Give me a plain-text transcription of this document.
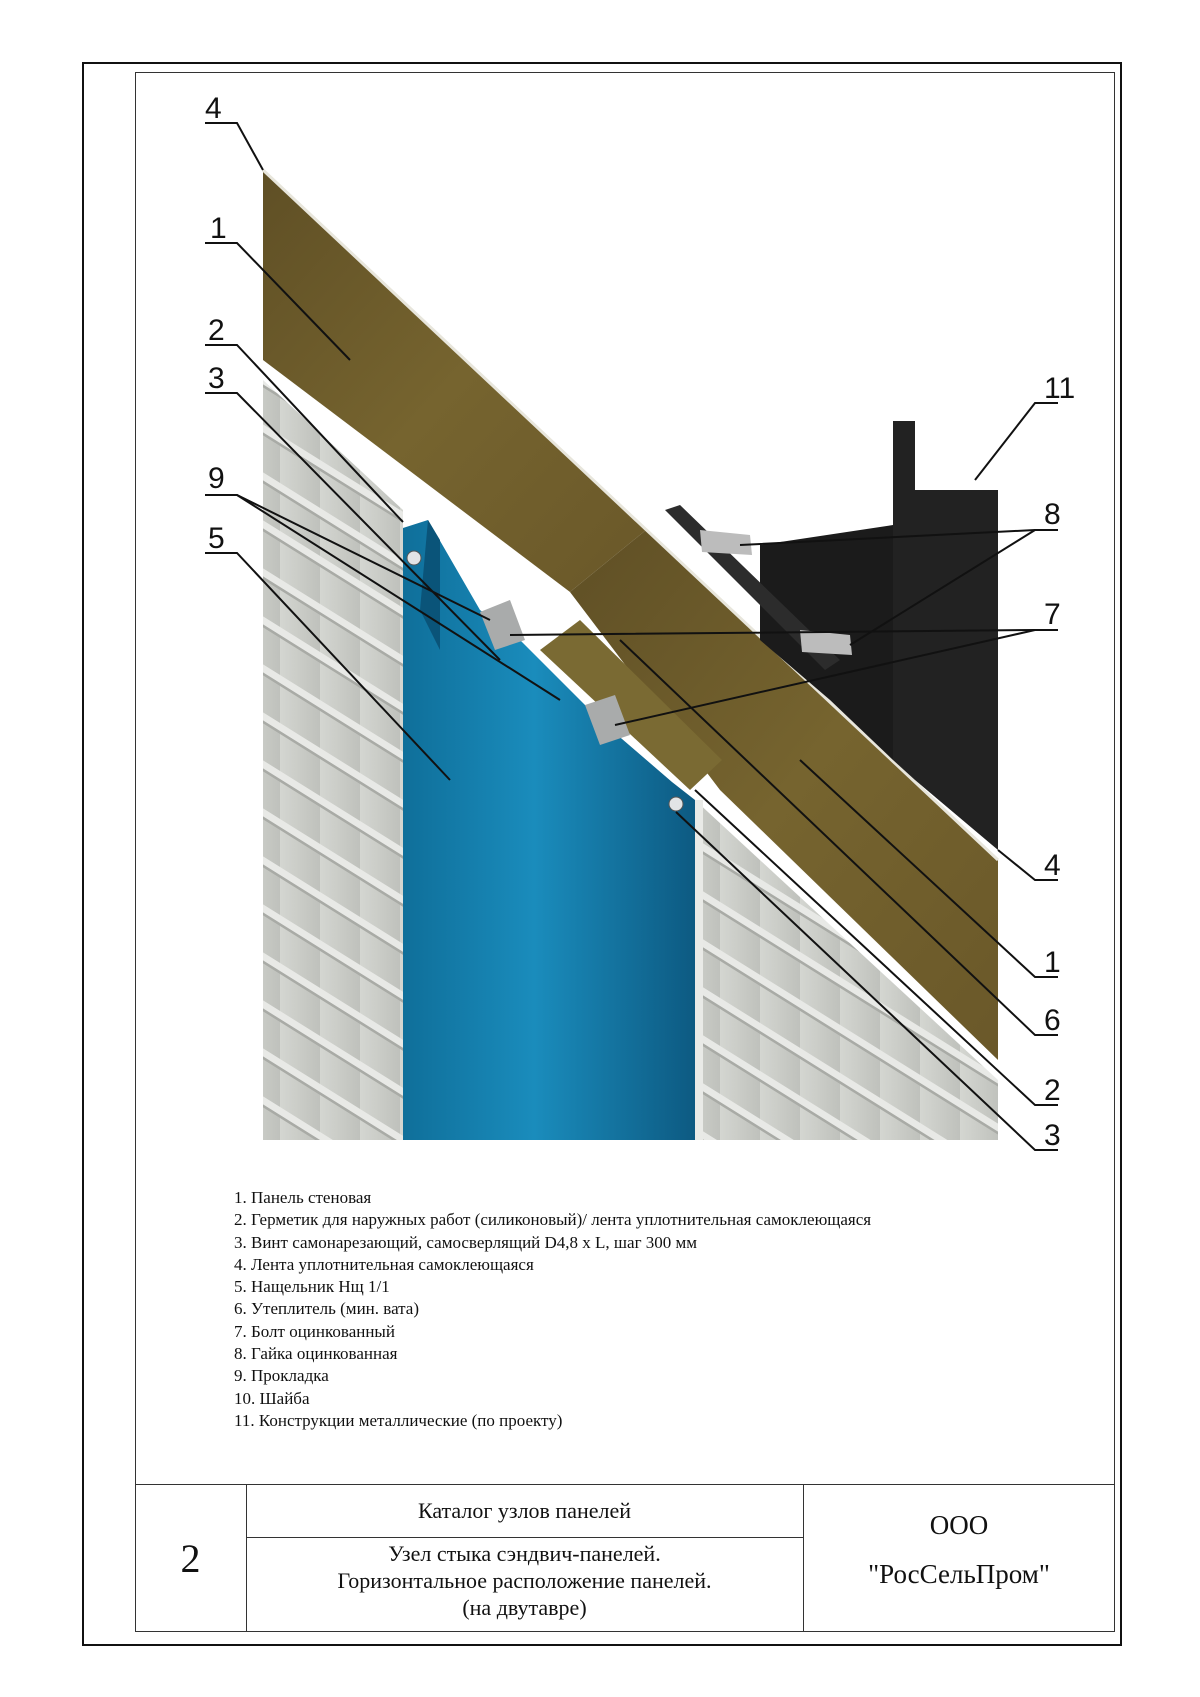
4
1
2
3
9
5
11
8
7
4
1
6
2
3
1. Панель стеновая
2. Герметик для наружных работ (силиконовый)/ лента уплотнительная самоклеющаяся
3. Винт самонарезающий, самосверлящий D4,8 x L, шаг 300 мм
4. Лента уплотнительная самоклеющаяся
5. Нащельник Нщ 1/1
6. Утеплитель (мин. вата)
7. Болт оцинкованный
8. Гайка оцинкованная
9. Прокладка
10. Шайба
11. Конструкции металлические (по проекту)
2
Каталог узлов панелей
Узел стыка сэндвич-панелей.
Горизонтальное расположение панелей.
(на двутавре)
ООО
"РосСельПром"
